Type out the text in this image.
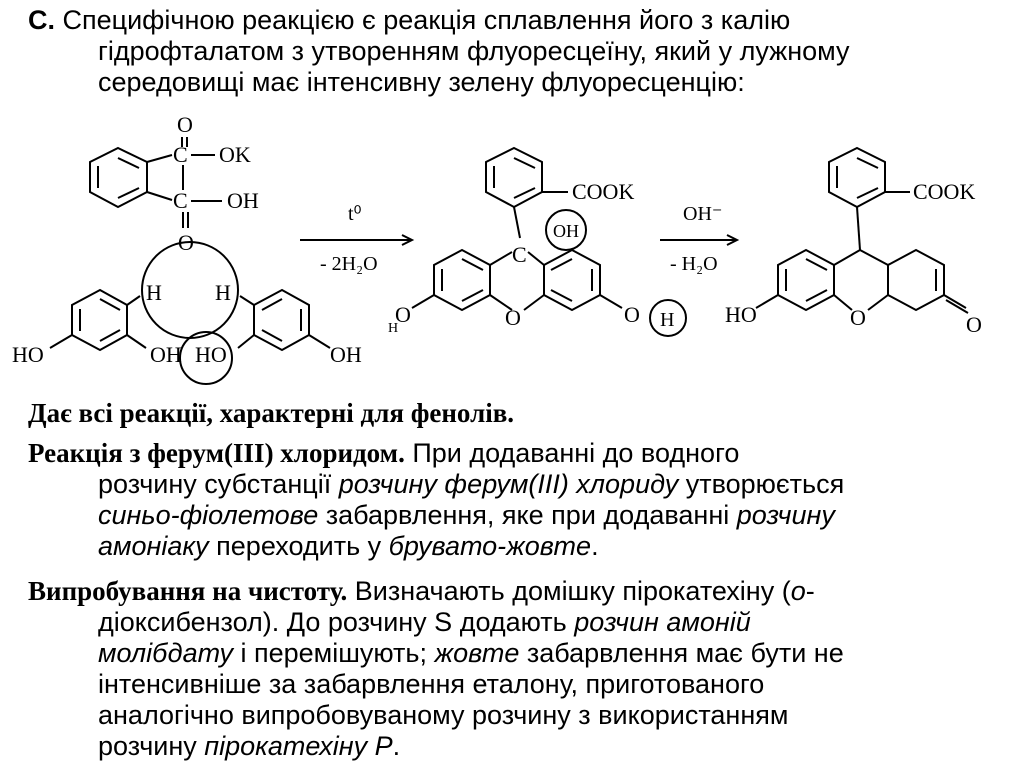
С. Специфічною реакцією є реакція сплавлення його з калію
гідрофталатом з утворенням флуоресцеїну, який у лужному
середовищі має інтенсивну зелену флуоресценцію:
C
O
OK
C OH
O
H
HO	OH
H
HO	OH
t⁰
- 2H₂O
COOK
C
OH
O
O
H
O H
OH⁻
- H₂O
COOK
O
HO	O
Дає всі реакції, характерні для фенолів.
Реакція з ферум(ІІІ) хлоридом. При додаванні до водного
розчину субстанції розчину ферум(ІІІ) хлориду утворюється
синьо-фіолетове забарвлення, яке при додаванні розчину
амоніаку переходить у брувато-жовте.
Випробування на чистоту. Визначають домішку пірокатехіну (о-
діоксибензол). До розчину S додають розчин амоній
молібдату і перемішують; жовте забарвлення має бути не
інтенсивніше за забарвлення еталону, приготованого
аналогічно випробовуваному розчину з використанням
розчину пірокатехіну Р.
